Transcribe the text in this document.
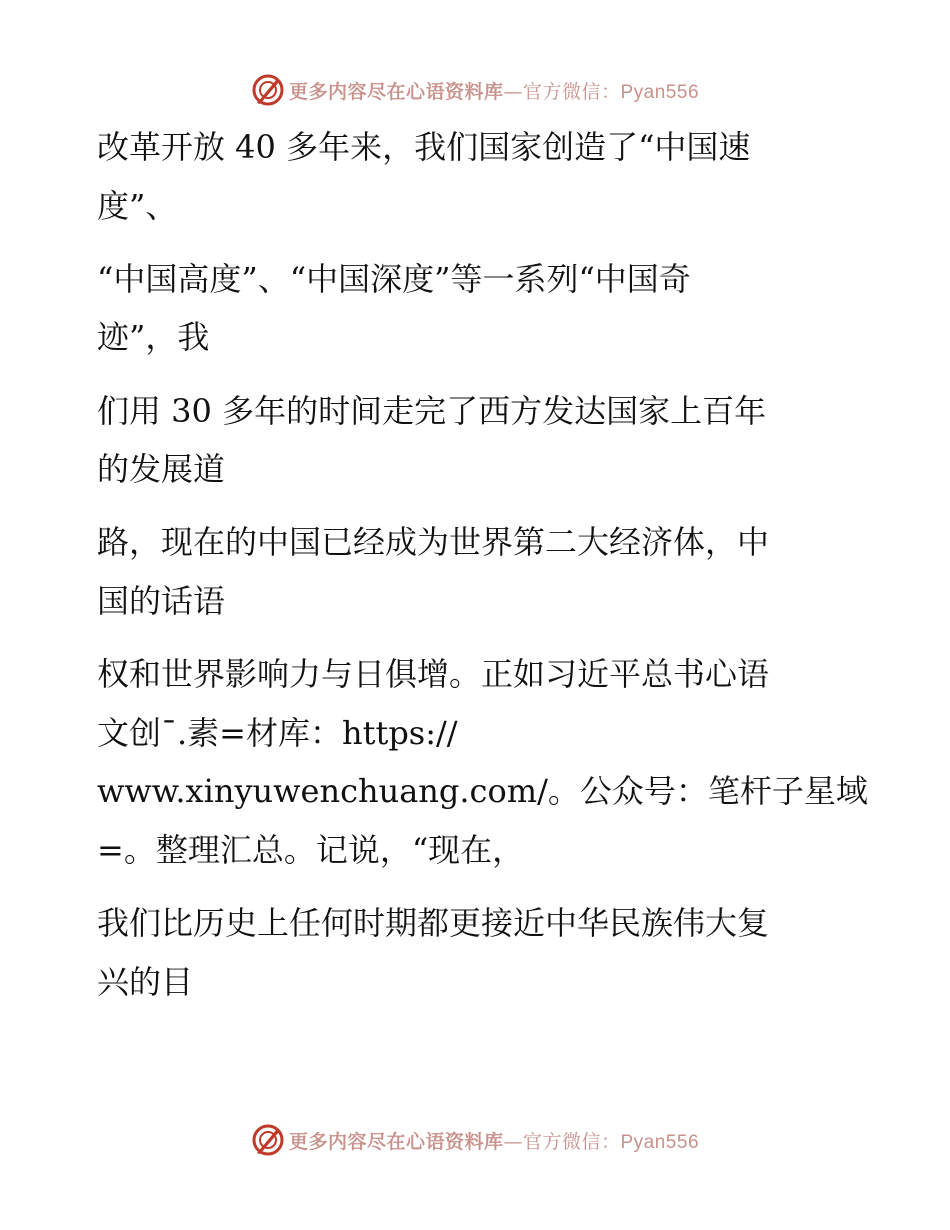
更多内容尽在心语资料库—官方微信：Pyan556
改革开放 40 多年来，我们国家创造了“中国速
度”、
“中国高度”、“中国深度”等一系列“中国奇
迹”，我
们用 30 多年的时间走完了西方发达国家上百年
的发展道
路，现在的中国已经成为世界第二大经济体，中
国的话语
权和世界影响力与日俱增。正如习近平总书心语
文创¯.素=材库：https://
www.xinyuwenchuang.com/。公众号：笔杆子星域
=。整理汇总。记说，“现在，
我们比历史上任何时期都更接近中华民族伟大复
兴的目
更多内容尽在心语资料库—官方微信：Pyan556
